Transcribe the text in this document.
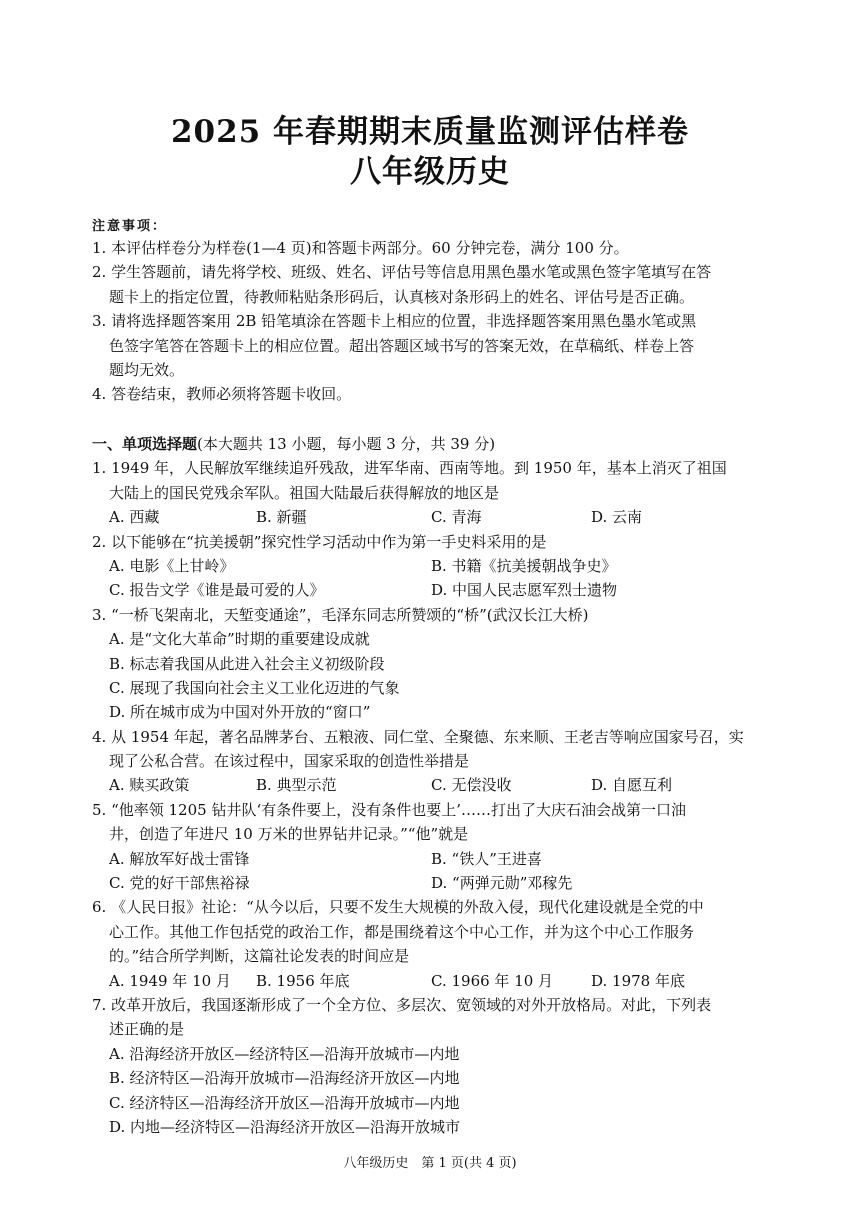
2025 年春期期末质量监测评估样卷
八年级历史
注意事项：
1. 本评估样卷分为样卷(1—4 页)和答题卡两部分。60 分钟完卷，满分 100 分。
2. 学生答题前，请先将学校、班级、姓名、评估号等信息用黑色墨水笔或黑色签字笔填写在答
题卡上的指定位置，待教师粘贴条形码后，认真核对条形码上的姓名、评估号是否正确。
3. 请将选择题答案用 2B 铅笔填涂在答题卡上相应的位置，非选择题答案用黑色墨水笔或黑
色签字笔答在答题卡上的相应位置。超出答题区域书写的答案无效，在草稿纸、样卷上答
题均无效。
4. 答卷结束，教师必须将答题卡收回。
一、单项选择题(本大题共 13 小题，每小题 3 分，共 39 分)
1. 1949 年，人民解放军继续追歼残敌，进军华南、西南等地。到 1950 年，基本上消灭了祖国
大陆上的国民党残余军队。祖国大陆最后获得解放的地区是
A. 西藏	B. 新疆	C. 青海	D. 云南
2. 以下能够在“抗美援朝”探究性学习活动中作为第一手史料采用的是
A. 电影《上甘岭》	B. 书籍《抗美援朝战争史》
C. 报告文学《谁是最可爱的人》	D. 中国人民志愿军烈士遗物
3. “一桥飞架南北，天堑变通途”，毛泽东同志所赞颂的“桥”(武汉长江大桥)
A. 是“文化大革命”时期的重要建设成就
B. 标志着我国从此进入社会主义初级阶段
C. 展现了我国向社会主义工业化迈进的气象
D. 所在城市成为中国对外开放的“窗口”
4. 从 1954 年起，著名品牌茅台、五粮液、同仁堂、全聚德、东来顺、王老吉等响应国家号召，实
现了公私合营。在该过程中，国家采取的创造性举措是
A. 赎买政策	B. 典型示范	C. 无偿没收	D. 自愿互利
5. “他率领 1205 钻井队‘有条件要上，没有条件也要上’……打出了大庆石油会战第一口油
井，创造了年进尺 10 万米的世界钻井记录。”“他”就是
A. 解放军好战士雷锋	B. “铁人”王进喜
C. 党的好干部焦裕禄	D. “两弹元勋”邓稼先
6. 《人民日报》社论：“从今以后，只要不发生大规模的外敌入侵，现代化建设就是全党的中
心工作。其他工作包括党的政治工作，都是围绕着这个中心工作，并为这个中心工作服务
的。”结合所学判断，这篇社论发表的时间应是
A. 1949 年 10 月 B. 1956 年底	C. 1966 年 10 月	D. 1978 年底
7. 改革开放后，我国逐渐形成了一个全方位、多层次、宽领域的对外开放格局。对此，下列表
述正确的是
A. 沿海经济开放区—经济特区—沿海开放城市—内地
B. 经济特区—沿海开放城市—沿海经济开放区—内地
C. 经济特区—沿海经济开放区—沿海开放城市—内地
D. 内地—经济特区—沿海经济开放区—沿海开放城市
八年级历史　第 1 页(共 4 页)
